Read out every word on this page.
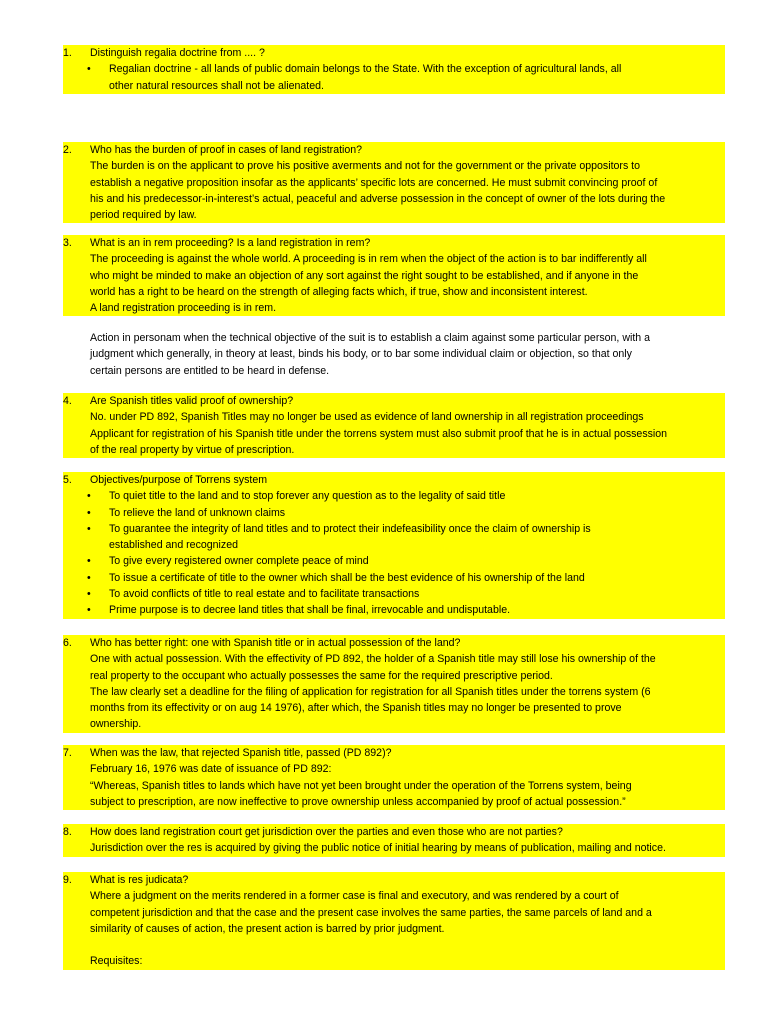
1.	Distinguish regalia doctrine from .... ?
•	Regalian doctrine - all lands of public domain belongs to the State. With the exception of agricultural lands, all
other natural resources shall not be alienated.
2.	Who has the burden of proof in cases of land registration?
The burden is on the applicant to prove his positive averments and not for the government or the private oppositors to
establish a negative proposition insofar as the applicants’ specific lots are concerned. He must submit convincing proof of
his and his predecessor-in-interest’s actual, peaceful and adverse possession in the concept of owner of the lots during the
period required by law.
3.	What is an in rem proceeding? Is a land registration in rem?
The proceeding is against the whole world. A proceeding is in rem when the object of the action is to bar indifferently all
who might be minded to make an objection of any sort against the right sought to be established, and if anyone in the
world has a right to be heard on the strength of alleging facts which, if true, show and inconsistent interest.
A land registration proceeding is in rem.
Action in personam when the technical objective of the suit is to establish a claim against some particular person, with a
judgment which generally, in theory at least, binds his body, or to bar some individual claim or objection, so that only
certain persons are entitled to be heard in defense.
4.	Are Spanish titles valid proof of ownership?
No. under PD 892, Spanish Titles may no longer be used as evidence of land ownership in all registration proceedings
Applicant for registration of his Spanish title under the torrens system must also submit proof that he is in actual possession
of the real property by virtue of prescription.
5.	Objectives/purpose of Torrens system
•	To quiet title to the land and to stop forever any question as to the legality of said title
•	To relieve the land of unknown claims
•	To guarantee the integrity of land titles and to protect their indefeasibility once the claim of ownership is
established and recognized
•	To give every registered owner complete peace of mind
•	To issue a certificate of title to the owner which shall be the best evidence of his ownership of the land
•	To avoid conflicts of title to real estate and to facilitate transactions
•	Prime purpose is to decree land titles that shall be final, irrevocable and undisputable.
6.	Who has better right: one with Spanish title or in actual possession of the land?
One with actual possession. With the effectivity of PD 892, the holder of a Spanish title may still lose his ownership of the
real property to the occupant who actually possesses the same for the required prescriptive period.
The law clearly set a deadline for the filing of application for registration for all Spanish titles under the torrens system (6
months from its effectivity or on aug 14 1976), after which, the Spanish titles may no longer be presented to prove
ownership.
7.	When was the law, that rejected Spanish title, passed (PD 892)?
February 16, 1976 was date of issuance of PD 892:
“Whereas, Spanish titles to lands which have not yet been brought under the operation of the Torrens system, being
subject to prescription, are now ineffective to prove ownership unless accompanied by proof of actual possession.”
8.	How does land registration court get jurisdiction over the parties and even those who are not parties?
Jurisdiction over the res is acquired by giving the public notice of initial hearing by means of publication, mailing and notice.
9.	What is res judicata?
Where a judgment on the merits rendered in a former case is final and executory, and was rendered by a court of
competent jurisdiction and that the case and the present case involves the same parties, the same parcels of land and a
similarity of causes of action, the present action is barred by prior judgment.
Requisites:
